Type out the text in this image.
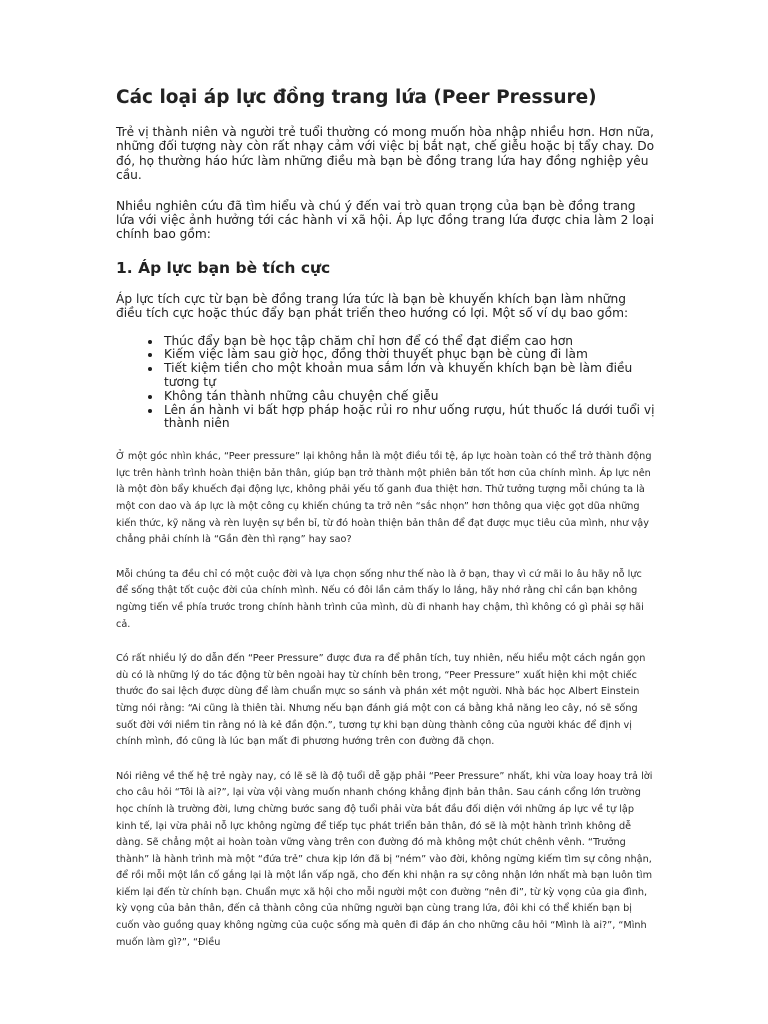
Các loại áp lực đồng trang lứa (Peer Pressure)

Trẻ vị thành niên và người trẻ tuổi thường có mong muốn hòa nhập nhiều hơn. Hơn nữa, những đối tượng này còn rất nhạy cảm với việc bị bắt nạt, chế giễu hoặc bị tẩy chay. Do đó, họ thường háo hức làm những điều mà bạn bè đồng trang lứa hay đồng nghiệp yêu cầu.

Nhiều nghiên cứu đã tìm hiểu và chú ý đến vai trò quan trọng của bạn bè đồng trang lứa với việc ảnh hưởng tới các hành vi xã hội. Áp lực đồng trang lứa được chia làm 2 loại chính bao gồm:

1. Áp lực bạn bè tích cực

Áp lực tích cực từ bạn bè đồng trang lứa tức là bạn bè khuyến khích bạn làm những điều tích cực hoặc thúc đẩy bạn phát triển theo hướng có lợi. Một số ví dụ bao gồm:

• Thúc đẩy bạn bè học tập chăm chỉ hơn để có thể đạt điểm cao hơn
• Kiếm việc làm sau giờ học, đồng thời thuyết phục bạn bè cùng đi làm
• Tiết kiệm tiền cho một khoản mua sắm lớn và khuyến khích bạn bè làm điều tương tự
• Không tán thành những câu chuyện chế giễu
• Lên án hành vi bất hợp pháp hoặc rủi ro như uống rượu, hút thuốc lá dưới tuổi vị thành niên

Ở một góc nhìn khác, “Peer pressure” lại không hẳn là một điều tồi tệ, áp lực hoàn toàn có thể trở thành động lực trên hành trình hoàn thiện bản thân, giúp bạn trở thành một phiên bản tốt hơn của chính mình. Áp lực nên là một đòn bẩy khuếch đại động lực, không phải yếu tố ganh đua thiệt hơn. Thử tưởng tượng mỗi chúng ta là một con dao và áp lực là một công cụ khiến chúng ta trở nên “sắc nhọn” hơn thông qua việc gọt dũa những kiến thức, kỹ năng và rèn luyện sự bền bỉ, từ đó hoàn thiện bản thân để đạt được mục tiêu của mình, như vậy chẳng phải chính là “Gần đèn thì rạng” hay sao?

Mỗi chúng ta đều chỉ có một cuộc đời và lựa chọn sống như thế nào là ở bạn, thay vì cứ mãi lo âu hãy nỗ lực để sống thật tốt cuộc đời của chính mình. Nếu có đôi lần cảm thấy lo lắng, hãy nhớ rằng chỉ cần bạn không ngừng tiến về phía trước trong chính hành trình của mình, dù đi nhanh hay chậm, thì không có gì phải sợ hãi cả.

Có rất nhiều lý do dẫn đến “Peer Pressure” được đưa ra để phân tích, tuy nhiên, nếu hiểu một cách ngắn gọn dù có là những lý do tác động từ bên ngoài hay từ chính bên trong, “Peer Pressure” xuất hiện khi một chiếc thước đo sai lệch được dùng để làm chuẩn mực so sánh và phán xét một người. Nhà bác học Albert Einstein từng nói rằng: “Ai cũng là thiên tài. Nhưng nếu bạn đánh giá một con cá bằng khả năng leo cây, nó sẽ sống suốt đời với niềm tin rằng nó là kẻ đần độn.”, tương tự khi bạn dùng thành công của người khác để định vị chính mình, đó cũng là lúc bạn mất đi phương hướng trên con đường đã chọn.

Nói riêng về thế hệ trẻ ngày nay, có lẽ sẽ là độ tuổi dễ gặp phải “Peer Pressure” nhất, khi vừa loay hoay trả lời cho câu hỏi “Tôi là ai?”, lại vừa vội vàng muốn nhanh chóng khẳng định bản thân. Sau cánh cổng lớn trường học chính là trường đời, lưng chừng bước sang độ tuổi phải vừa bắt đầu đối diện với những áp lực về tự lập kinh tế, lại vừa phải nỗ lực không ngừng để tiếp tục phát triển bản thân, đó sẽ là một hành trình không dễ dàng. Sẽ chẳng một ai hoàn toàn vững vàng trên con đường đó mà không một chút chênh vênh. “Trưởng thành” là hành trình mà một “đứa trẻ” chưa kịp lớn đã bị “ném” vào đời, không ngừng kiếm tìm sự công nhận, để rồi mỗi một lần cố gắng lại là một lần vấp ngã, cho đến khi nhận ra sự công nhận lớn nhất mà bạn luôn tìm kiếm lại đến từ chính bạn. Chuẩn mực xã hội cho mỗi người một con đường “nên đi”, từ kỳ vọng của gia đình, kỳ vọng của bản thân, đến cả thành công của những người bạn cùng trang lứa, đôi khi có thể khiến bạn bị cuốn vào guồng quay không ngừng của cuộc sống mà quên đi đáp án cho những câu hỏi “Mình là ai?”, “Mình muốn làm gì?”, “Điều
